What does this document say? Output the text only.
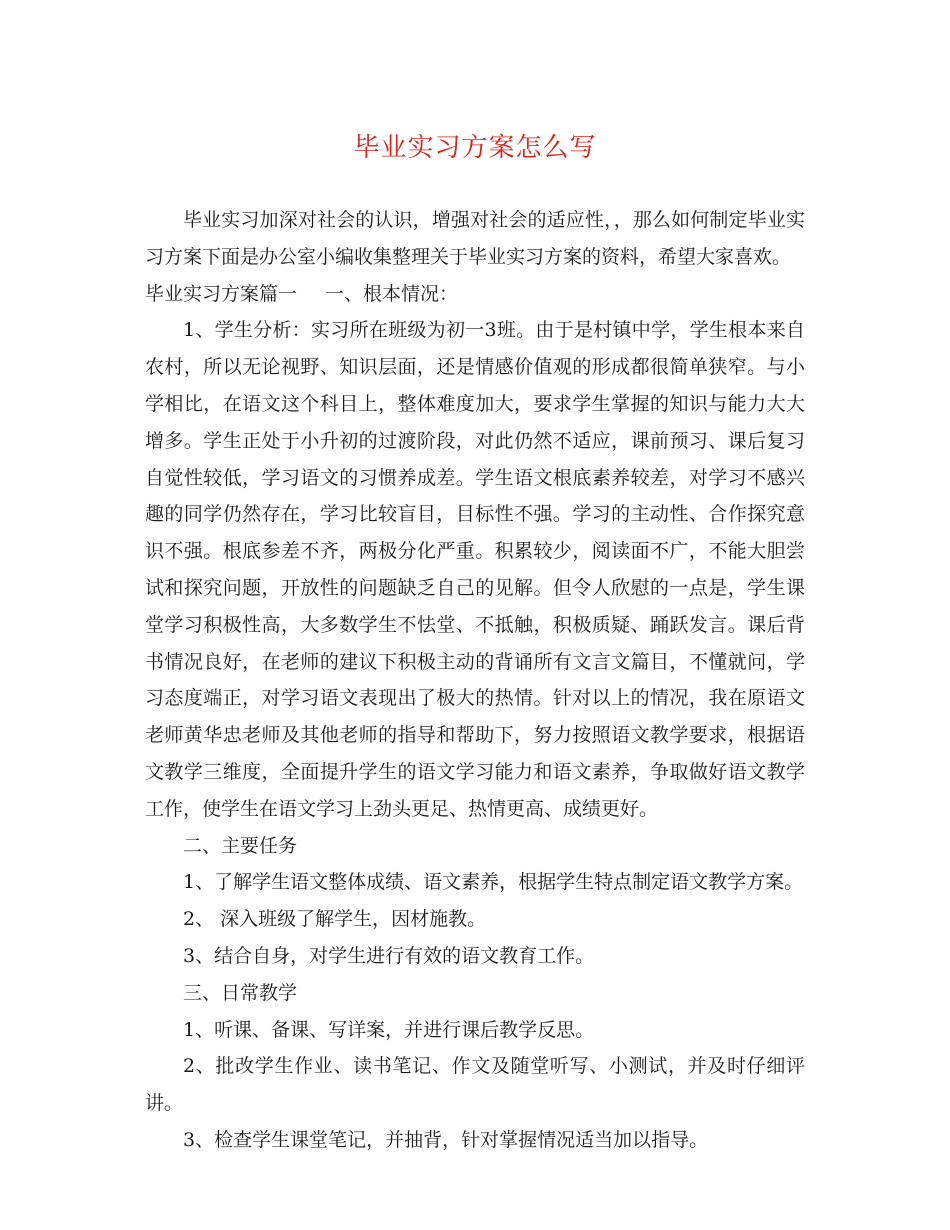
毕业实习方案怎么写

毕业实习加深对社会的认识，增强对社会的适应性，，那么如何制定毕业实习方案下面是办公室小编收集整理关于毕业实习方案的资料，希望大家喜欢。

毕业实习方案篇一 一、根本情况：

1、学生分析：实习所在班级为初一3班。由于是村镇中学，学生根本来自农村，所以无论视野、知识层面，还是情感价值观的形成都很简单狭窄。与小学相比，在语文这个科目上，整体难度加大，要求学生掌握的知识与能力大大增多。学生正处于小升初的过渡阶段，对此仍然不适应，课前预习、课后复习自觉性较低，学习语文的习惯养成差。学生语文根底素养较差，对学习不感兴趣的同学仍然存在，学习比较盲目，目标性不强。学习的主动性、合作探究意识不强。根底参差不齐，两极分化严重。积累较少，阅读面不广，不能大胆尝试和探究问题，开放性的问题缺乏自己的见解。但令人欣慰的一点是，学生课堂学习积极性高，大多数学生不怯堂、不抵触，积极质疑、踊跃发言。课后背书情况良好，在老师的建议下积极主动的背诵所有文言文篇目，不懂就问，学习态度端正，对学习语文表现出了极大的热情。针对以上的情况，我在原语文老师黄华忠老师及其他老师的指导和帮助下，努力按照语文教学要求，根据语文教学三维度，全面提升学生的语文学习能力和语文素养，争取做好语文教学工作，使学生在语文学习上劲头更足、热情更高、成绩更好。

二、主要任务

1、了解学生语文整体成绩、语文素养，根据学生特点制定语文教学方案。

2、 深入班级了解学生，因材施教。

3、结合自身，对学生进行有效的语文教育工作。

三、日常教学

1、听课、备课、写详案，并进行课后教学反思。

2、批改学生作业、读书笔记、作文及随堂听写、小测试，并及时仔细评讲。

3、检查学生课堂笔记，并抽背，针对掌握情况适当加以指导。
